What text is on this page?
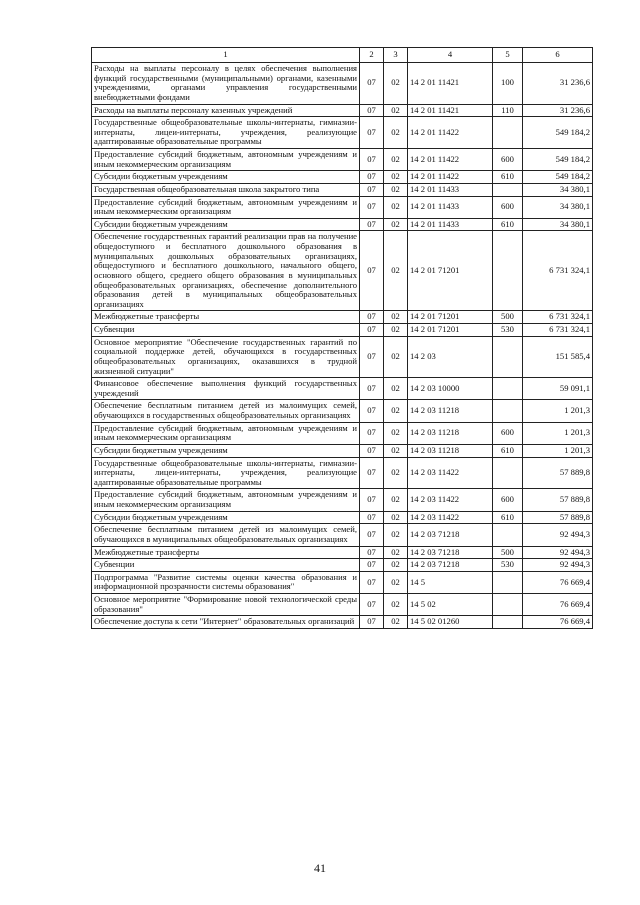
1	2	3	4	5	6
Расходы на выплаты персоналу в целях обеспечения выполнения функций государственными (муниципальными) органами, казенными учреждениями, органами управления государственными внебюджетными фондами	07	02	14 2 01 11421	100	31 236,6
Расходы на выплаты персоналу казенных учреждений	07	02	14 2 01 11421	110	31 236,6
Государственные общеобразовательные школы-интернаты, гимназии-интернаты, лицеи-интернаты, учреждения, реализующие адаптированные образовательные программы	07	02	14 2 01 11422		549 184,2
Предоставление субсидий бюджетным, автономным учреждениям и иным некоммерческим организациям	07	02	14 2 01 11422	600	549 184,2
Субсидии бюджетным учреждениям	07	02	14 2 01 11422	610	549 184,2
Государственная общеобразовательная школа закрытого типа	07	02	14 2 01 11433		34 380,1
Предоставление субсидий бюджетным, автономным учреждениям и иным некоммерческим организациям	07	02	14 2 01 11433	600	34 380,1
Субсидии бюджетным учреждениям	07	02	14 2 01 11433	610	34 380,1
Обеспечение государственных гарантий реализации прав на получение общедоступного и бесплатного дошкольного образования в муниципальных дошкольных образовательных организациях, общедоступного и бесплатного дошкольного, начального общего, основного общего, среднего общего образования в муниципальных общеобразовательных организациях, обеспечение дополнительного образования детей в муниципальных общеобразовательных организациях	07	02	14 2 01 71201		6 731 324,1
Межбюджетные трансферты	07	02	14 2 01 71201	500	6 731 324,1
Субвенции	07	02	14 2 01 71201	530	6 731 324,1
Основное мероприятие "Обеспечение государственных гарантий по социальной поддержке детей, обучающихся в государственных общеобразовательных организациях, оказавшихся в трудной жизненной ситуации"	07	02	14 2 03		151 585,4
Финансовое обеспечение выполнения функций государственных учреждений	07	02	14 2 03 10000		59 091,1
Обеспечение бесплатным питанием детей из малоимущих семей, обучающихся в государственных общеобразовательных организациях	07	02	14 2 03 11218		1 201,3
Предоставление субсидий бюджетным, автономным учреждениям и иным некоммерческим организациям	07	02	14 2 03 11218	600	1 201,3
Субсидии бюджетным учреждениям	07	02	14 2 03 11218	610	1 201,3
Государственные общеобразовательные школы-интернаты, гимназии-интернаты, лицеи-интернаты, учреждения, реализующие адаптированные образовательные программы	07	02	14 2 03 11422		57 889,8
Предоставление субсидий бюджетным, автономным учреждениям и иным некоммерческим организациям	07	02	14 2 03 11422	600	57 889,8
Субсидии бюджетным учреждениям	07	02	14 2 03 11422	610	57 889,8
Обеспечение бесплатным питанием детей из малоимущих семей, обучающихся в муниципальных общеобразовательных организациях	07	02	14 2 03 71218		92 494,3
Межбюджетные трансферты	07	02	14 2 03 71218	500	92 494,3
Субвенции	07	02	14 2 03 71218	530	92 494,3
Подпрограмма "Развитие системы оценки качества образования и информационной прозрачности системы образования"	07	02	14 5		76 669,4
Основное мероприятие "Формирование новой технологической среды образования"	07	02	14 5 02		76 669,4
Обеспечение доступа к сети "Интернет" образовательных организаций	07	02	14 5 02 01260		76 669,4
41
